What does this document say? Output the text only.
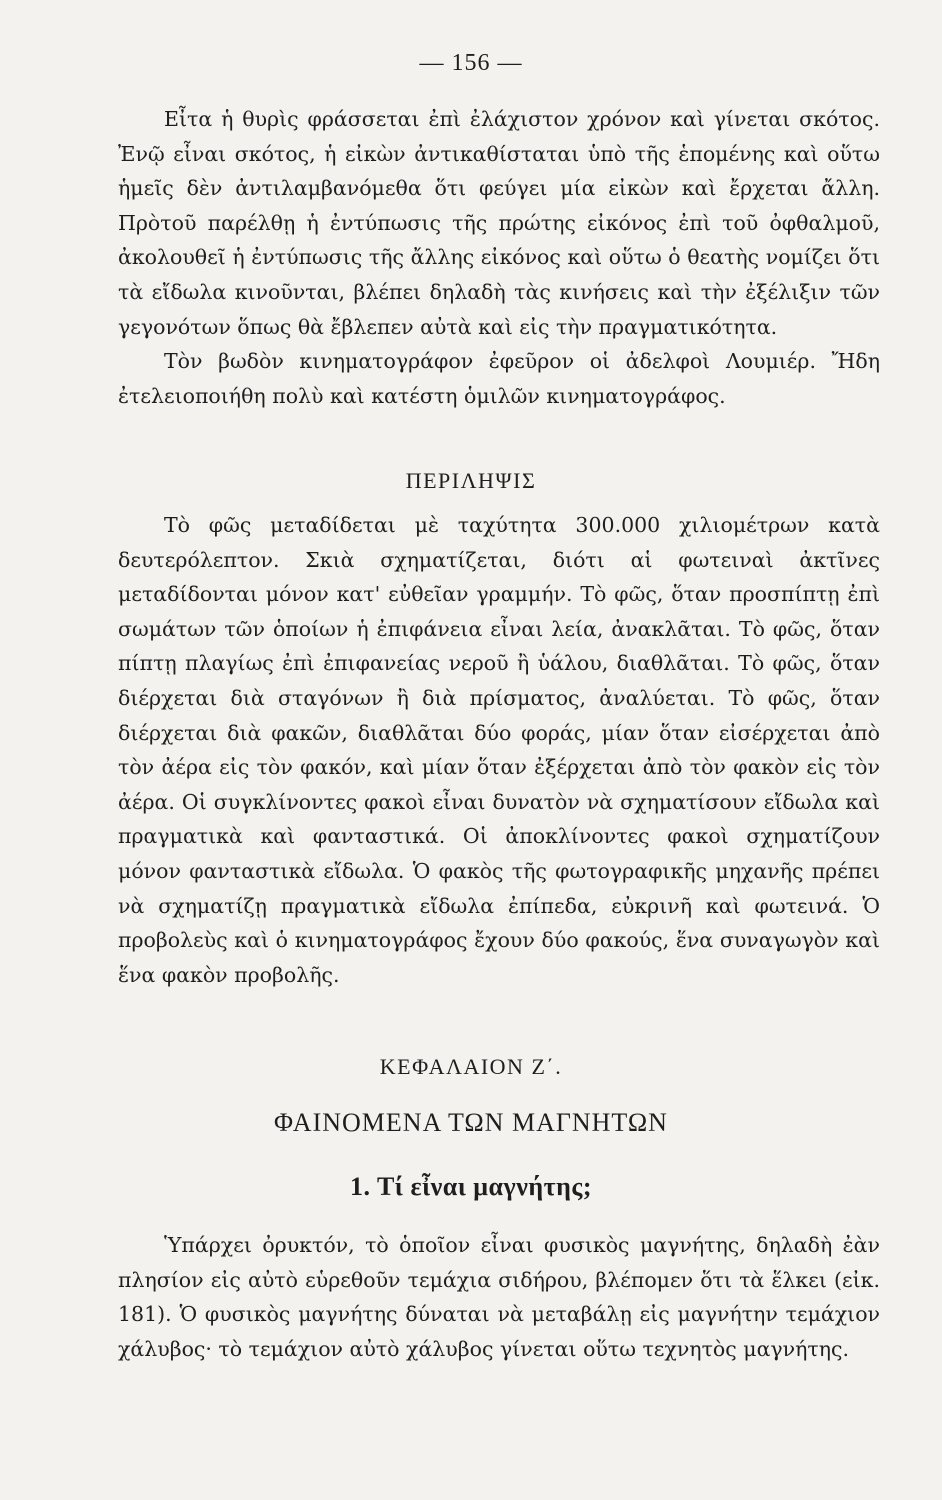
— 156 —

Εἶτα ἡ θυρὶς φράσσεται ἐπὶ ἐλάχιστον χρόνον καὶ γίνεται σκότος. Ἐνῷ εἶναι σκότος, ἡ εἰκὼν ἀντικαθίσταται ὑπὸ τῆς ἑπομένης καὶ οὕτω ἡμεῖς δὲν ἀντιλαμβανόμεθα ὅτι φεύγει μία εἰκὼν καὶ ἔρχεται ἄλλη. Πρὸτοῦ παρέλθῃ ἡ ἐντύπωσις τῆς πρώτης εἰκόνος ἐπὶ τοῦ ὀφθαλμοῦ, ἀκολουθεῖ ἡ ἐντύπωσις τῆς ἄλλης εἰκόνος καὶ οὕτω ὁ θεατὴς νομίζει ὅτι τὰ εἴδωλα κινοῦνται, βλέπει δηλαδὴ τὰς κινήσεις καὶ τὴν ἐξέλιξιν τῶν γεγονότων ὅπως θὰ ἔβλεπεν αὐτὰ καὶ εἰς τὴν πραγματικότητα.

Τὸν βωδὸν κινηματογράφον ἐφεῦρον οἱ ἀδελφοὶ Λουμιέρ. Ἤδη ἐτελειοποιήθη πολὺ καὶ κατέστη ὁμιλῶν κινηματογράφος.

ΠΕΡΙΛΗΨΙΣ

Τὸ φῶς μεταδίδεται μὲ ταχύτητα 300.000 χιλιομέτρων κατὰ δευτερόλεπτον. Σκιὰ σχηματίζεται, διότι αἱ φωτειναὶ ἀκτῖνες μεταδίδονται μόνον κατ' εὐθεῖαν γραμμήν. Τὸ φῶς, ὅταν προσπίπτῃ ἐπὶ σωμάτων τῶν ὁποίων ἡ ἐπιφάνεια εἶναι λεία, ἀνακλᾶται. Τὸ φῶς, ὅταν πίπτῃ πλαγίως ἐπὶ ἐπιφανείας νεροῦ ἢ ὑάλου, διαθλᾶται. Τὸ φῶς, ὅταν διέρχεται διὰ σταγόνων ἢ διὰ πρίσματος, ἀναλύεται. Τὸ φῶς, ὅταν διέρχεται διὰ φακῶν, διαθλᾶται δύο φοράς, μίαν ὅταν εἰσέρχεται ἀπὸ τὸν ἀέρα εἰς τὸν φακόν, καὶ μίαν ὅταν ἐξέρχεται ἀπὸ τὸν φακὸν εἰς τὸν ἀέρα. Οἱ συγκλίνοντες φακοὶ εἶναι δυνατὸν νὰ σχηματίσουν εἴδωλα καὶ πραγματικὰ καὶ φανταστικά. Οἱ ἀποκλίνοντες φακοὶ σχηματίζουν μόνον φανταστικὰ εἴδωλα. Ὁ φακὸς τῆς φωτογραφικῆς μηχανῆς πρέπει νὰ σχηματίζῃ πραγματικὰ εἴδωλα ἐπίπεδα, εὐκρινῆ καὶ φωτεινά. Ὁ προβολεὺς καὶ ὁ κινηματογράφος ἔχουν δύο φακούς, ἕνα συναγωγὸν καὶ ἕνα φακὸν προβολῆς.

ΚΕΦΑΛΑΙΟΝ Ζ΄.
ΦΑΙΝΟΜΕΝΑ ΤΩΝ ΜΑΓΝΗΤΩΝ
1. Τί εἶναι μαγνήτης;

Ὑπάρχει ὀρυκτόν, τὸ ὁποῖον εἶναι φυσικὸς μαγνήτης, δηλαδὴ ἐὰν πλησίον εἰς αὐτὸ εὑρεθοῦν τεμάχια σιδήρου, βλέπομεν ὅτι τὰ ἕλκει (εἰκ. 181). Ὁ φυσικὸς μαγνήτης δύναται νὰ μεταβάλῃ εἰς μαγνήτην τεμάχιον χάλυβος· τὸ τεμάχιον αὐτὸ χάλυβος γίνεται οὕτω τεχνητὸς μαγνήτης.
